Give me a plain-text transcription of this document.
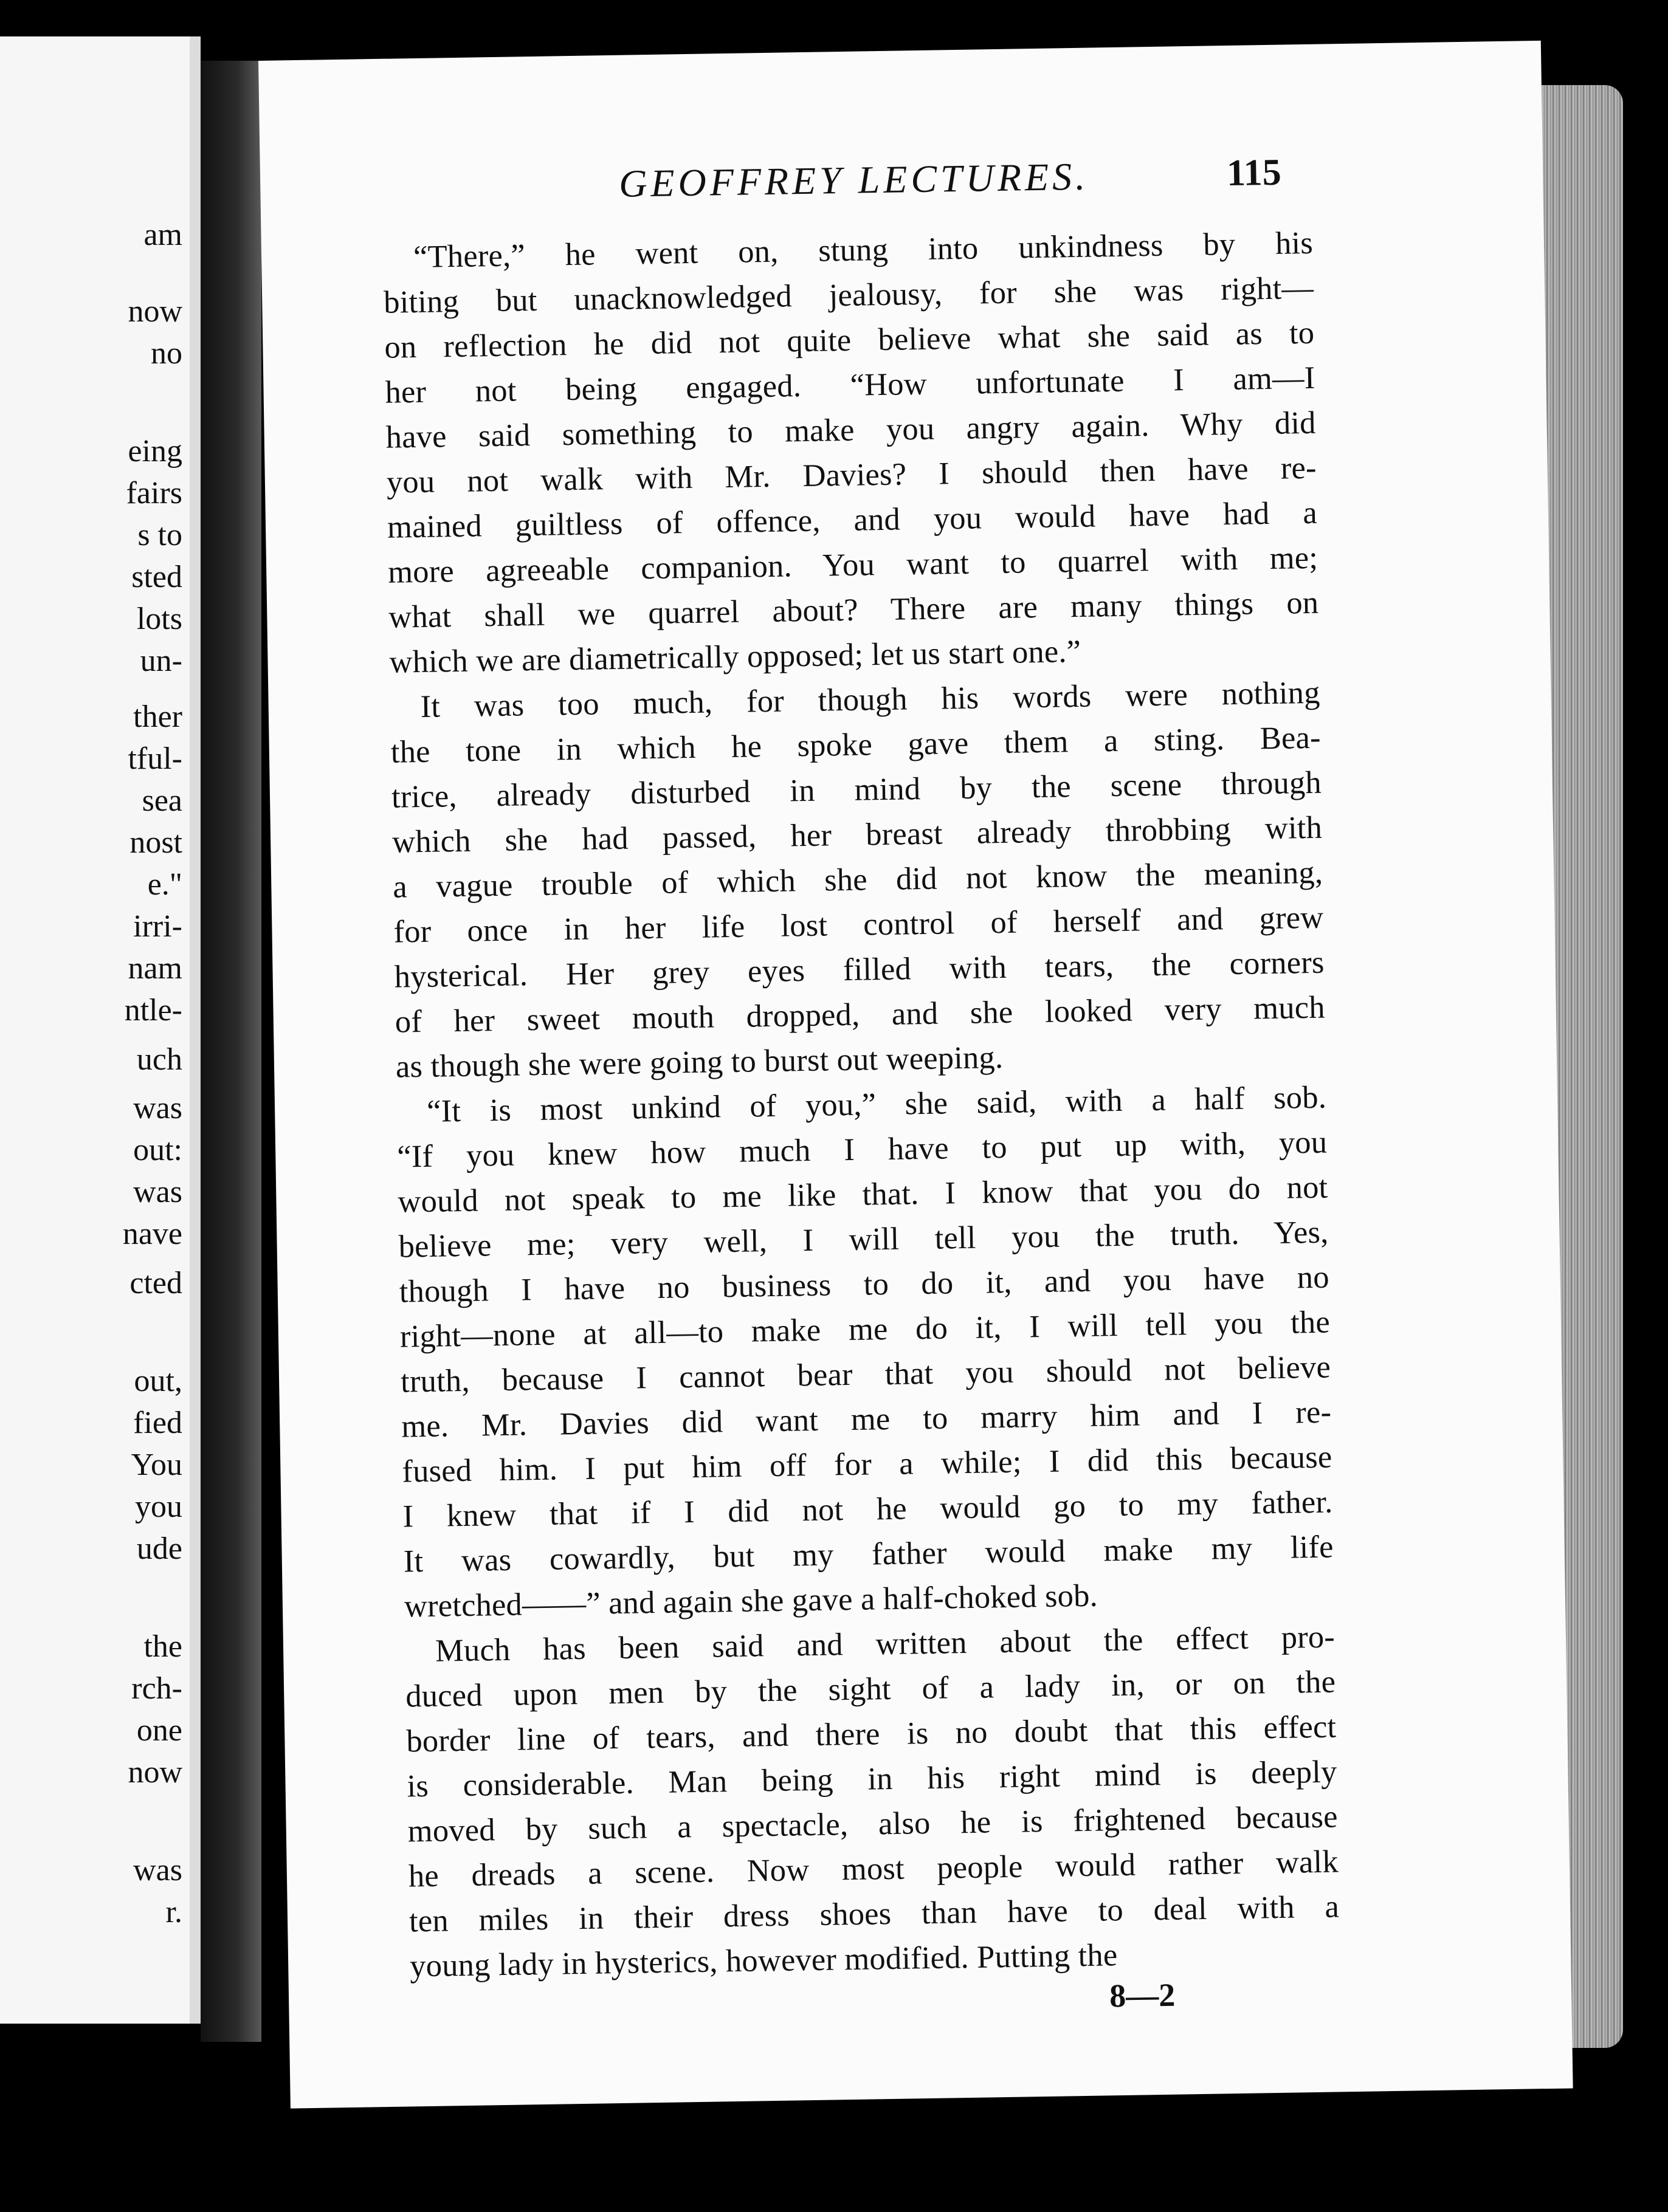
am
now
no
eing
fairs
s to
sted
lots
un-
ther
tful-
sea
nost
e."
irri-
nam
ntle-
uch
was
out:
was
nave
cted
out,
fied
You
you
ude
the
rch-
one
now
was
r.
GEOFFREY LECTURES.	115
“There,” he went on, stung into unkindness by his
biting but unacknowledged jealousy, for she was right—
on reflection he did not quite believe what she said as to
her not being engaged. “How unfortunate I am—I
have said something to make you angry again. Why did
you not walk with Mr. Davies? I should then have re-
mained guiltless of offence, and you would have had a
more agreeable companion. You want to quarrel with me;
what shall we quarrel about? There are many things on
which we are diametrically opposed; let us start one.”
It was too much, for though his words were nothing
the tone in which he spoke gave them a sting. Bea-
trice, already disturbed in mind by the scene through
which she had passed, her breast already throbbing with
a vague trouble of which she did not know the meaning,
for once in her life lost control of herself and grew
hysterical. Her grey eyes filled with tears, the corners
of her sweet mouth dropped, and she looked very much
as though she were going to burst out weeping.
“It is most unkind of you,” she said, with a half sob.
“If you knew how much I have to put up with, you
would not speak to me like that. I know that you do not
believe me; very well, I will tell you the truth. Yes,
though I have no business to do it, and you have no
right—none at all—to make me do it, I will tell you the
truth, because I cannot bear that you should not believe
me. Mr. Davies did want me to marry him and I re-
fused him. I put him off for a while; I did this because
I knew that if I did not he would go to my father.
It was cowardly, but my father would make my life
wretched——” and again she gave a half-choked sob.
Much has been said and written about the effect pro-
duced upon men by the sight of a lady in, or on the
border line of tears, and there is no doubt that this effect
is considerable. Man being in his right mind is deeply
moved by such a spectacle, also he is frightened because
he dreads a scene. Now most people would rather walk
ten miles in their dress shoes than have to deal with a
young lady in hysterics, however modified. Putting the
8—2
